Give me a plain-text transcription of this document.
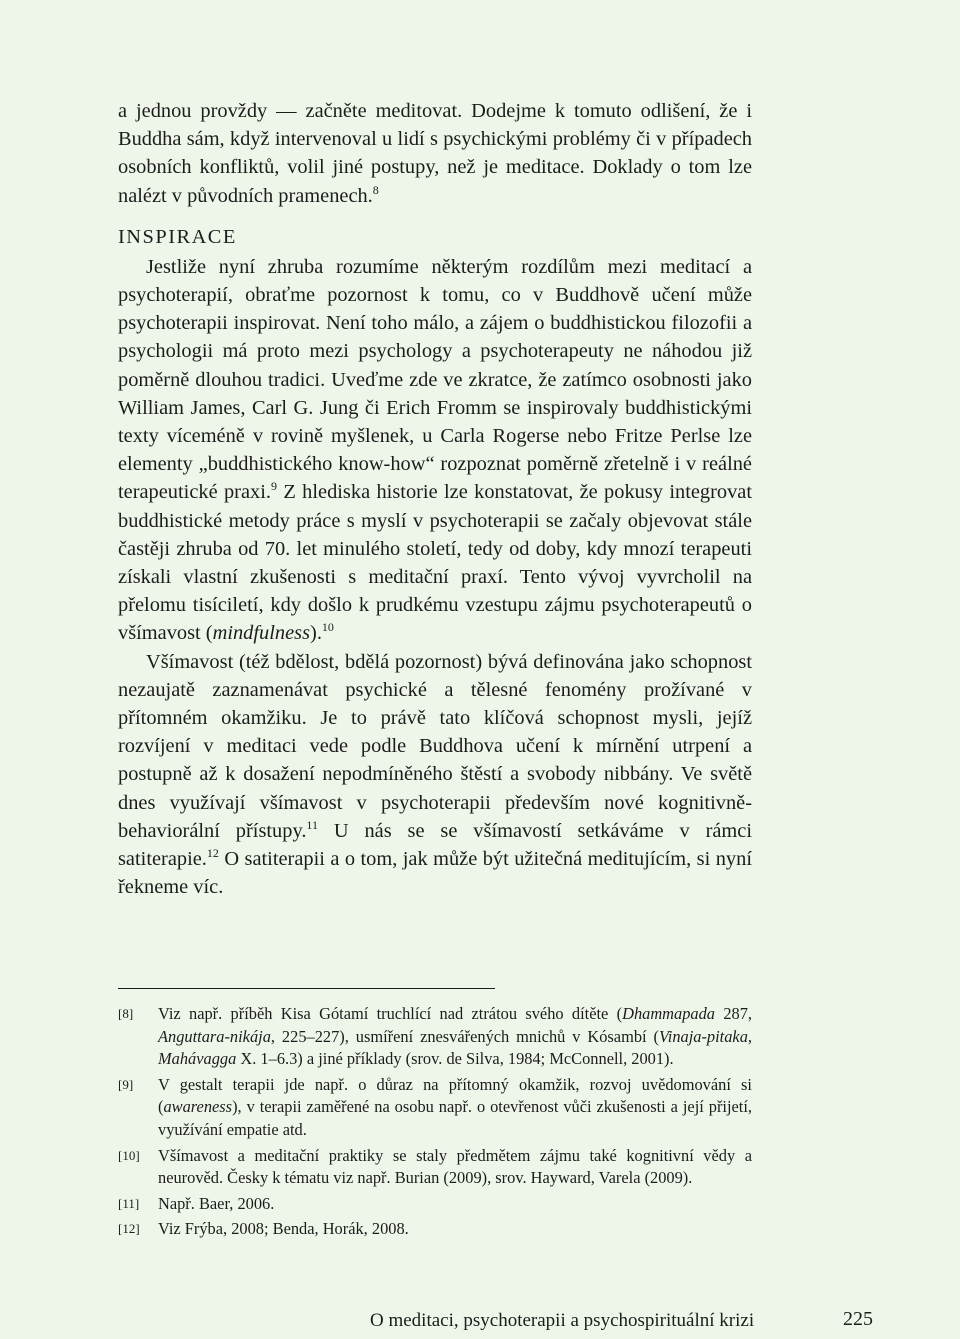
a jednou provždy — začněte meditovat. Dodejme k tomuto odlišení, že i Buddha sám, když intervenoval u lidí s psychickými problémy či v případech osobních konfliktů, volil jiné postupy, než je meditace. Doklady o tom lze nalézt v původních pramenech.$^8$

INSPIRACE

Jestliže nyní zhruba rozumíme některým rozdílům mezi meditací a psychoterapií, obraťme pozornost k tomu, co v Buddhově učení může psychoterapii inspirovat. Není toho málo, a zájem o buddhistickou filozofii a psychologii má proto mezi psychology a psychoterapeuty ne náhodou již poměrně dlouhou tradici. Uveďme zde ve zkratce, že zatímco osobnosti jako William James, Carl G. Jung či Erich Fromm se inspirovaly buddhistickými texty víceméně v rovině myšlenek, u Carla Rogerse nebo Fritze Perlse lze elementy „buddhistického know-how“ rozpoznat poměrně zřetelně i v reálné terapeutické praxi.$^9$ Z hlediska historie lze konstatovat, že pokusy integrovat buddhistické metody práce s myslí v psychoterapii se začaly objevovat stále častěji zhruba od 70. let minulého století, tedy od doby, kdy mnozí terapeuti získali vlastní zkušenosti s meditační praxí. Tento vývoj vyvrcholil na přelomu tisíciletí, kdy došlo k prudkému vzestupu zájmu psychoterapeutů o všímavost (mindfulness).$^{10}$

Všímavost (též bdělost, bdělá pozornost) bývá definována jako schopnost nezaujatě zaznamenávat psychické a tělesné fenomény prožívané v přítomném okamžiku. Je to právě tato klíčová schopnost mysli, jejíž rozvíjení v meditaci vede podle Buddhova učení k mírnění utrpení a postupně až k dosažení nepodmíněného štěstí a svobody nibbány. Ve světě dnes využívají všímavost v psychoterapii především nové kognitivně-behaviorální přístupy.$^{11}$ U nás se se všímavostí setkáváme v rámci satiterapie.$^{12}$ O satiterapii a o tom, jak může být užitečná meditujícím, si nyní řekneme víc.

[8]	Viz např. příběh Kisa Gótamí truchlící nad ztrátou svého dítěte (Dhammapada 287, Anguttara-nikája, 225–227), usmíření znesvářených mnichů v Kósambí (Vinaja-pitaka, Mahávagga X. 1–6.3) a jiné příklady (srov. de Silva, 1984; McConnell, 2001).
[9]	V gestalt terapii jde např. o důraz na přítomný okamžik, rozvoj uvědomování si (awareness), v terapii zaměřené na osobu např. o otevřenost vůči zkušenosti a její přijetí, využívání empatie atd.
[10]	Všímavost a meditační praktiky se staly předmětem zájmu také kognitivní vědy a neurověd. Česky k tématu viz např. Burian (2009), srov. Hayward, Varela (2009).
[11]	Např. Baer, 2006.
[12]	Viz Frýba, 2008; Benda, Horák, 2008.
O meditaci, psychoterapii a psychospirituální krizi	225
